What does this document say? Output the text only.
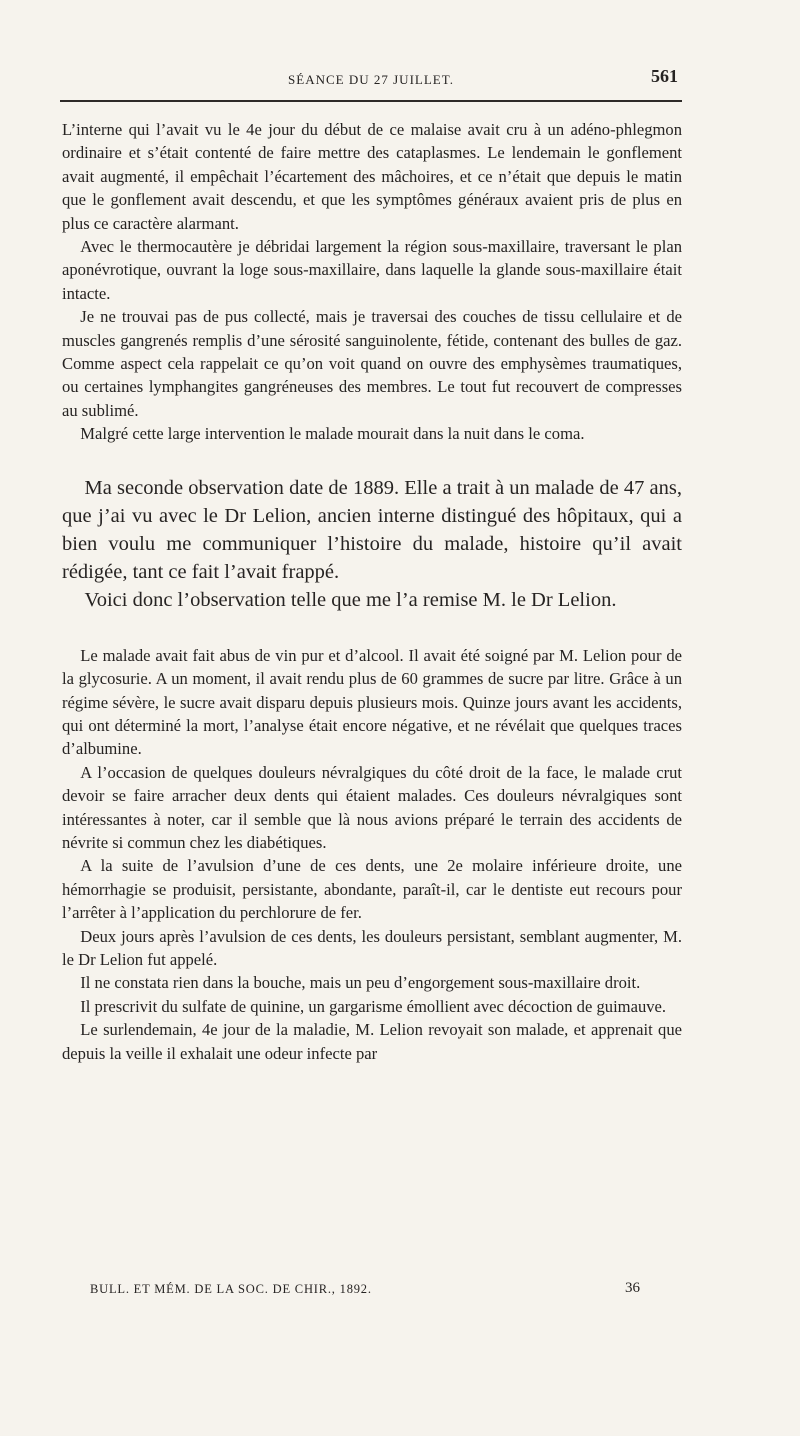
SÉANCE DU 27 JUILLET.	561

L’interne qui l’avait vu le 4e jour du début de ce malaise avait cru à un adéno-phlegmon ordinaire et s’était contenté de faire mettre des cataplasmes. Le lendemain le gonflement avait augmenté, il empêchait l’écartement des mâchoires, et ce n’était que depuis le matin que le gonflement avait descendu, et que les symptômes généraux avaient pris de plus en plus ce caractère alarmant.

Avec le thermocautère je débridai largement la région sous-maxillaire, traversant le plan aponévrotique, ouvrant la loge sous-maxillaire, dans laquelle la glande sous-maxillaire était intacte.

Je ne trouvai pas de pus collecté, mais je traversai des couches de tissu cellulaire et de muscles gangrenés remplis d’une sérosité sanguinolente, fétide, contenant des bulles de gaz. Comme aspect cela rappelait ce qu’on voit quand on ouvre des emphysèmes traumatiques, ou certaines lymphangites gangréneuses des membres. Le tout fut recouvert de compresses au sublimé.

Malgré cette large intervention le malade mourait dans la nuit dans le coma.

Ma seconde observation date de 1889. Elle a trait à un malade de 47 ans, que j’ai vu avec le Dr Lelion, ancien interne distingué des hôpitaux, qui a bien voulu me communiquer l’histoire du malade, histoire qu’il avait rédigée, tant ce fait l’avait frappé.

Voici donc l’observation telle que me l’a remise M. le Dr Lelion.

Le malade avait fait abus de vin pur et d’alcool. Il avait été soigné par M. Lelion pour de la glycosurie. A un moment, il avait rendu plus de 60 grammes de sucre par litre. Grâce à un régime sévère, le sucre avait disparu depuis plusieurs mois. Quinze jours avant les accidents, qui ont déterminé la mort, l’analyse était encore négative, et ne révélait que quelques traces d’albumine.

A l’occasion de quelques douleurs névralgiques du côté droit de la face, le malade crut devoir se faire arracher deux dents qui étaient malades. Ces douleurs névralgiques sont intéressantes à noter, car il semble que là nous avions préparé le terrain des accidents de névrite si commun chez les diabétiques.

A la suite de l’avulsion d’une de ces dents, une 2e molaire inférieure droite, une hémorrhagie se produisit, persistante, abondante, paraît-il, car le dentiste eut recours pour l’arrêter à l’application du perchlorure de fer.

Deux jours après l’avulsion de ces dents, les douleurs persistant, semblant augmenter, M. le Dr Lelion fut appelé.

Il ne constata rien dans la bouche, mais un peu d’engorgement sous-maxillaire droit.

Il prescrivit du sulfate de quinine, un gargarisme émollient avec décoction de guimauve.

Le surlendemain, 4e jour de la maladie, M. Lelion revoyait son malade, et apprenait que depuis la veille il exhalait une odeur infecte par

BULL. ET MÉM. DE LA SOC. DE CHIR., 1892.	36
